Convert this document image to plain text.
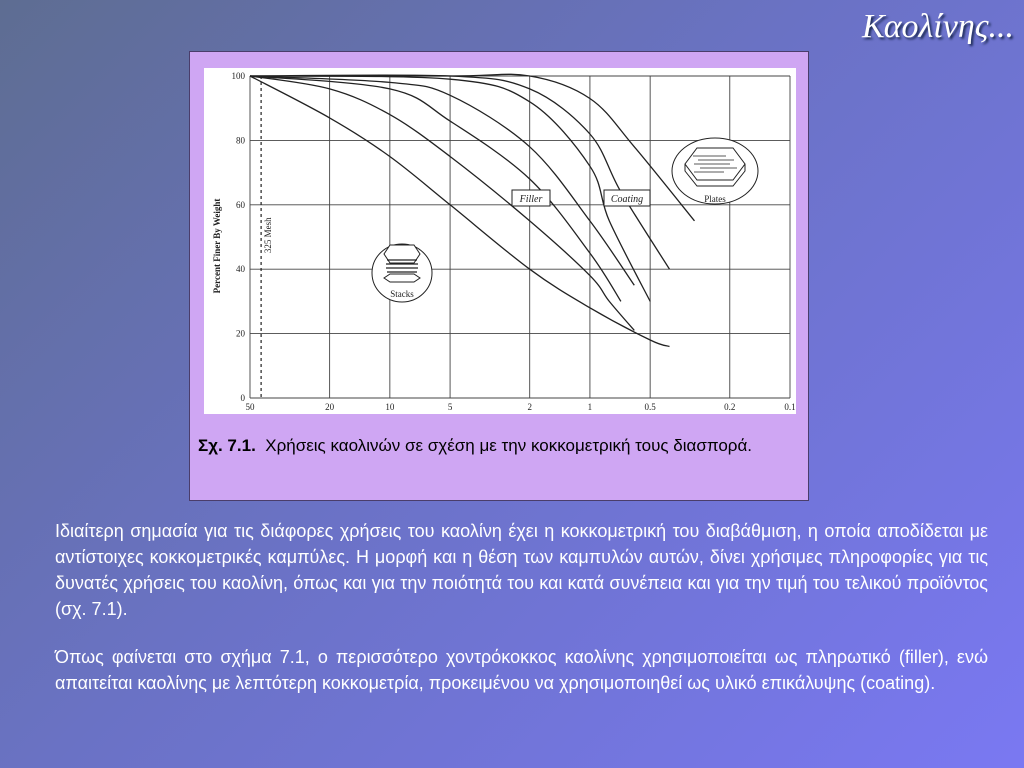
Καολίνης...
50	20	10	5	2	1	0.5	0.2	0.1
0
20
40
60
80
100
325 Mesh
Percent Finer By Weight	Filler	Coating
Stacks
Plates
Σχ. 7.1. Χρήσεις καολινών σε σχέση με την κοκκομετρική τους διασπορά.

Ιδιαίτερη σημασία για τις διάφορες χρήσεις του καολίνη έχει η κοκκομετρική του διαβάθμιση, η οποία αποδίδεται με αντίστοιχες κοκκομετρικές καμπύλες. Η μορφή και η θέση των καμπυλών αυτών, δίνει χρήσιμες πληροφορίες για τις δυνατές χρήσεις του καολίνη, όπως και για την ποιότητά του και κατά συνέπεια και για την τιμή του τελικού προϊόντος (σχ. 7.1).

Όπως φαίνεται στο σχήμα 7.1, ο περισσότερο χοντρόκοκκος καολίνης χρησιμοποιείται ως πληρωτικό (filler), ενώ απαιτείται καολίνης με λεπτότερη κοκκομετρία, προκειμένου να χρησιμοποιηθεί ως υλικό επικάλυψης (coating).
